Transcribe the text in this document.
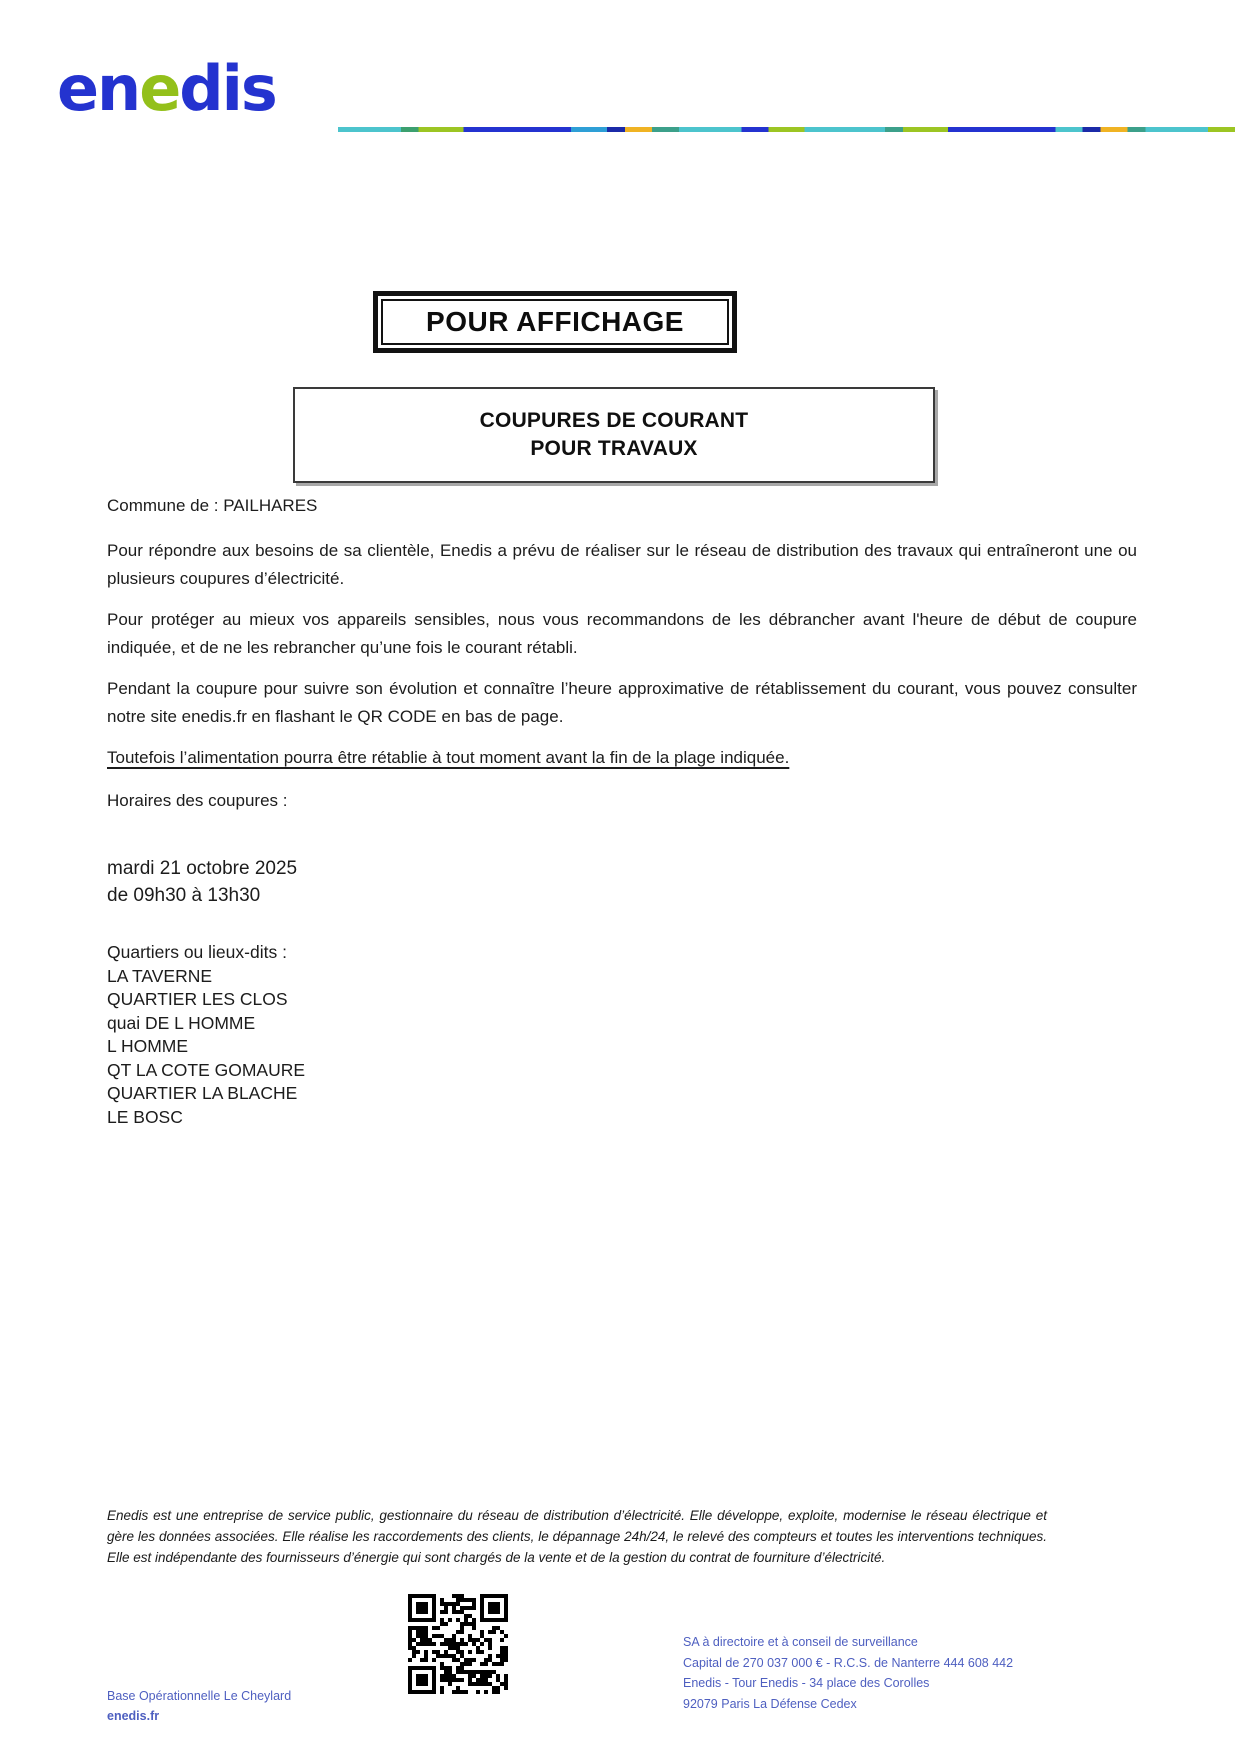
enedis
POUR AFFICHAGE
COUPURES DE COURANT
POUR TRAVAUX

Commune de : PAILHARES

Pour répondre aux besoins de sa clientèle, Enedis a prévu de réaliser sur le réseau de distribution des travaux qui entraîneront une ou plusieurs coupures d’électricité.

Pour protéger au mieux vos appareils sensibles, nous vous recommandons de les débrancher avant l'heure de début de coupure indiquée, et de ne les rebrancher qu’une fois le courant rétabli.

Pendant la coupure pour suivre son évolution et connaître l’heure approximative de rétablissement du courant, vous pouvez consulter notre site enedis.fr en flashant le QR CODE en bas de page.

Toutefois l’alimentation pourra être rétablie à tout moment avant la fin de la plage indiquée.

Horaires des coupures :

mardi 21 octobre 2025
de 09h30 à 13h30
Quartiers ou lieux-dits :
LA TAVERNE
QUARTIER LES CLOS
quai DE L HOMME
L HOMME
QT LA COTE GOMAURE
QUARTIER LA BLACHE
LE BOSC

Enedis est une entreprise de service public, gestionnaire du réseau de distribution d’électricité. Elle développe, exploite, modernise le réseau électrique et gère les données associées. Elle réalise les raccordements des clients, le dépannage 24h/24, le relevé des compteurs et toutes les interventions techniques. Elle est indépendante des fournisseurs d’énergie qui sont chargés de la vente et de la gestion du contrat de fourniture d’électricité.

SA à directoire et à conseil de surveillance
Capital de 270 037 000 € - R.C.S. de Nanterre 444 608 442
Enedis - Tour Enedis - 34 place des Corolles
92079 Paris La Défense Cedex
Base Opérationnelle Le Cheylard
enedis.fr
